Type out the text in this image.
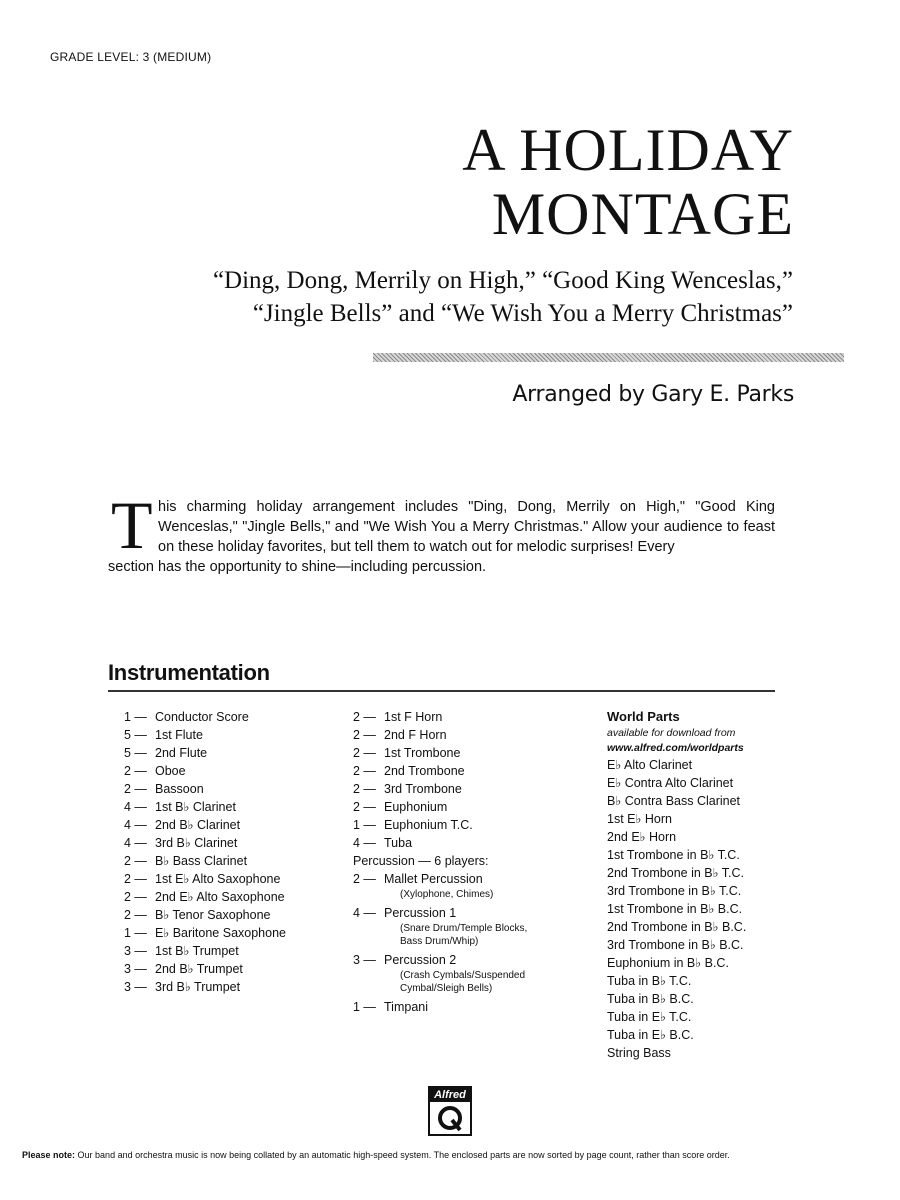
GRADE LEVEL: 3 (MEDIUM)
A HOLIDAY
MONTAGE
“Ding, Dong, Merrily on High,” “Good King Wenceslas,”
“Jingle Bells” and “We Wish You a Merry Christmas”
Arranged by Gary E. Parks
T his charming holiday arrangement includes "Ding, Dong, Merrily on High," "Good King Wenceslas," "Jingle Bells," and "We Wish You a Merry Christmas." Allow your audience to feast on these holiday favorites, but tell them to watch out for melodic surprises! Every
section has the opportunity to shine—including percussion.

Instrumentation
1 — Conductor Score
5 — 1st Flute
5 — 2nd Flute
2 — Oboe
2 — Bassoon
4 — 1st B♭ Clarinet
4 — 2nd B♭ Clarinet
4 — 3rd B♭ Clarinet
2 — B♭ Bass Clarinet
2 — 1st E♭ Alto Saxophone
2 — 2nd E♭ Alto Saxophone
2 — B♭ Tenor Saxophone
1 — E♭ Baritone Saxophone
3 — 1st B♭ Trumpet
3 — 2nd B♭ Trumpet
3 — 3rd B♭ Trumpet
2 — 1st F Horn
2 — 2nd F Horn
2 — 1st Trombone
2 — 2nd Trombone
2 — 3rd Trombone
2 — Euphonium
1 — Euphonium T.C.
4 — Tuba
Percussion — 6 players:
2 — Mallet Percussion
(Xylophone, Chimes)
4 — Percussion 1
(Snare Drum/Temple Blocks,
Bass Drum/Whip)
3 — Percussion 2
(Crash Cymbals/Suspended
Cymbal/Sleigh Bells)
1 — Timpani
World Parts
available for download from
www.alfred.com/worldparts
E♭ Alto Clarinet
E♭ Contra Alto Clarinet
B♭ Contra Bass Clarinet
1st E♭ Horn
2nd E♭ Horn
1st Trombone in B♭ T.C.
2nd Trombone in B♭ T.C.
3rd Trombone in B♭ T.C.
1st Trombone in B♭ B.C.
2nd Trombone in B♭ B.C.
3rd Trombone in B♭ B.C.
Euphonium in B♭ B.C.
Tuba in B♭ T.C.
Tuba in B♭ B.C.
Tuba in E♭ T.C.
Tuba in E♭ B.C.
String Bass
Alfred
Please note: Our band and orchestra music is now being collated by an automatic high-speed system. The enclosed parts are now sorted by page count, rather than score order.
